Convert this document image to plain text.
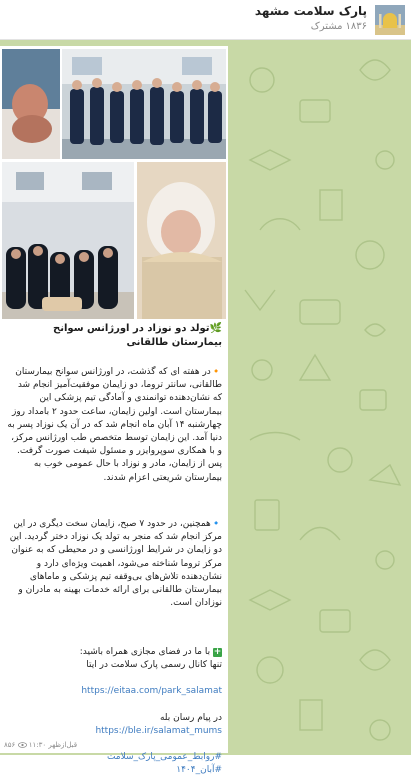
پارک سلامت مشهد
۱۸۳۶مشترک
🌿تولد دو نوزاد در اورژانس سوانح بیمارستان طالقانی
🔸در هفته ای که گذشت، در اورژانس سوانح بیمارستان طالقانی، سانتر تروما، دو زایمان موفقیت‌آمیز انجام شد که نشان‌دهنده توانمندی و آمادگی تیم پزشکی این بیمارستان است. اولین زایمان، ساعت حدود ۲ بامداد روز چهارشنبه ۱۴ آبان ماه انجام شد که در آن یک نوزاد پسر به دنیا آمد. این زایمان توسط متخصص طب اورژانس مرکز، و با همکاری سوپروایزر و مسئول شیفت صورت گرفت. پس از زایمان، مادر و نوزاد با حال عمومی خوب به بیمارستان شریعتی اعزام شدند.
🔹همچنین، در حدود ۷ صبح، زایمان سخت دیگری در این مرکز انجام شد که منجر به تولد یک نوزاد دختر گردید. این دو زایمان در شرایط اورژانسی و در محیطی که به عنوان مرکز تروما شناخته می‌شود، اهمیت ویژه‌ای دارد و نشان‌دهنده تلاش‌های بی‌وقفه تیم پزشکی و ماماهای بیمارستان طالقانی برای ارائه خدمات بهینه به مادران و نوزادان است.
+ با ما در فضای مجازی همراه باشید:
تنها کانال رسمی پارک سلامت در ایتا
https://eitaa.com/park_salamat
در پیام رسان بله
https://ble.ir/salamat_mums
#روابط_عمومی_پارک_سلامت
#آبان_۱۴۰۴
۸۵۶ ۱۱:۳۰ قبل‌ازظهر
